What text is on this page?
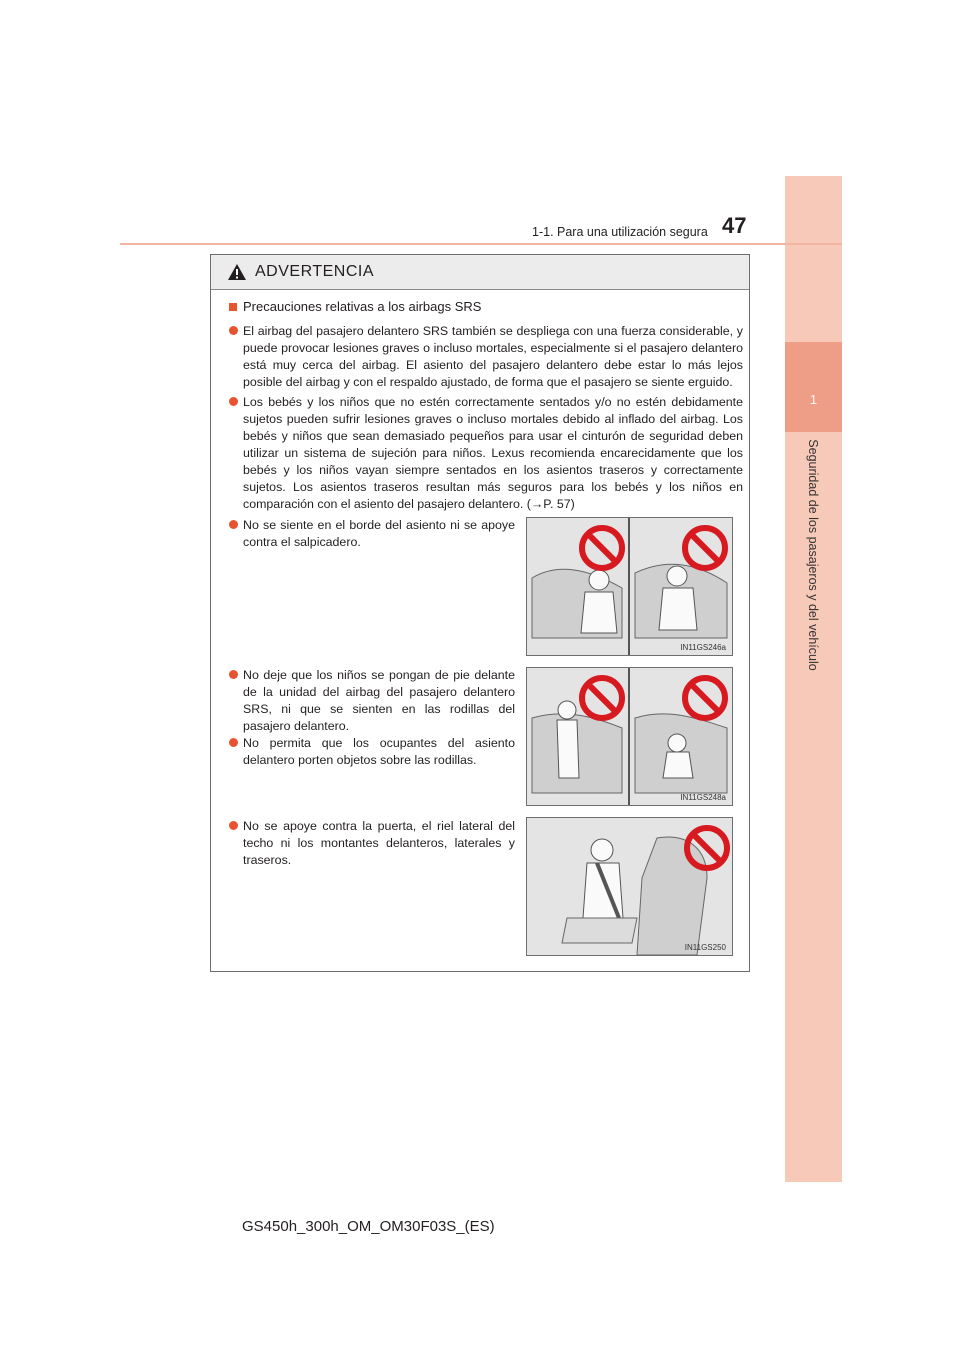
1
Seguridad de los pasajeros y del vehículo
1-1. Para una utilización segura 47
ADVERTENCIA
Precauciones relativas a los airbags SRS
El airbag del pasajero delantero SRS también se despliega con una fuerza considerable, y puede provocar lesiones graves o incluso mortales, especialmente si el pasajero delantero está muy cerca del airbag. El asiento del pasajero delantero debe estar lo más lejos posible del airbag y con el respaldo ajustado, de forma que el pasajero se siente erguido.
Los bebés y los niños que no estén correctamente sentados y/o no estén debidamente sujetos pueden sufrir lesiones graves o incluso mortales debido al inflado del airbag. Los bebés y niños que sean demasiado pequeños para usar el cinturón de seguridad deben utilizar un sistema de sujeción para niños. Lexus recomienda encarecidamente que los bebés y los niños vayan siempre sentados en los asientos traseros y correctamente sujetos. Los asientos traseros resultan más seguros para los bebés y los niños en comparación con el asiento del pasajero delantero. (→P. 57)
No se siente en el borde del asiento ni se apoye contra el salpicadero.
No deje que los niños se pongan de pie delante de la unidad del airbag del pasajero delantero SRS, ni que se sienten en las rodillas del pasajero delantero.
No permita que los ocupantes del asiento delantero porten objetos sobre las rodillas.
No se apoye contra la puerta, el riel lateral del techo ni los montantes delanteros, laterales y traseros.
IN11GS246a
IN11GS248a
IN11GS250
GS450h_300h_OM_OM30F03S_(ES)
